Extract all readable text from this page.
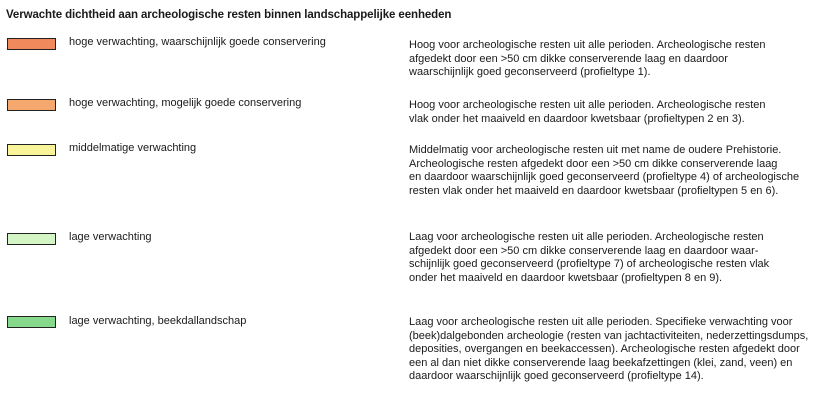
Verwachte dichtheid aan archeologische resten binnen landschappelijke eenheden
hoge verwachting, waarschijnlijk goede conservering	Hoog voor archeologische resten uit alle perioden. Archeologische resten
afgedekt door een >50 cm dikke conserverende laag en daardoor
waarschijnlijk goed geconserveerd (profieltype 1).
hoge verwachting, mogelijk goede conservering	Hoog voor archeologische resten uit alle perioden. Archeologische resten
vlak onder het maaiveld en daardoor kwetsbaar (profieltypen 2 en 3).
middelmatige verwachting	Middelmatig voor archeologische resten uit met name de oudere Prehistorie.
Archeologische resten afgedekt door een >50 cm dikke conserverende laag
en daardoor waarschijnlijk goed geconserveerd (profieltype 4) of archeologische
resten vlak onder het maaiveld en daardoor kwetsbaar (profieltypen 5 en 6).
lage verwachting	Laag voor archeologische resten uit alle perioden. Archeologische resten
afgedekt door een >50 cm dikke conserverende laag en daardoor waar-
schijnlijk goed geconserveerd (profieltype 7) of archeologische resten vlak
onder het maaiveld en daardoor kwetsbaar (profieltypen 8 en 9).
lage verwachting, beekdallandschap	Laag voor archeologische resten uit alle perioden. Specifieke verwachting voor
(beek)dalgebonden archeologie (resten van jachtactiviteiten, nederzettingsdumps,
deposities, overgangen en beekaccessen). Archeologische resten afgedekt door
een al dan niet dikke conserverende laag beekafzettingen (klei, zand, veen) en
daardoor waarschijnlijk goed geconserveerd (profieltype 14).
